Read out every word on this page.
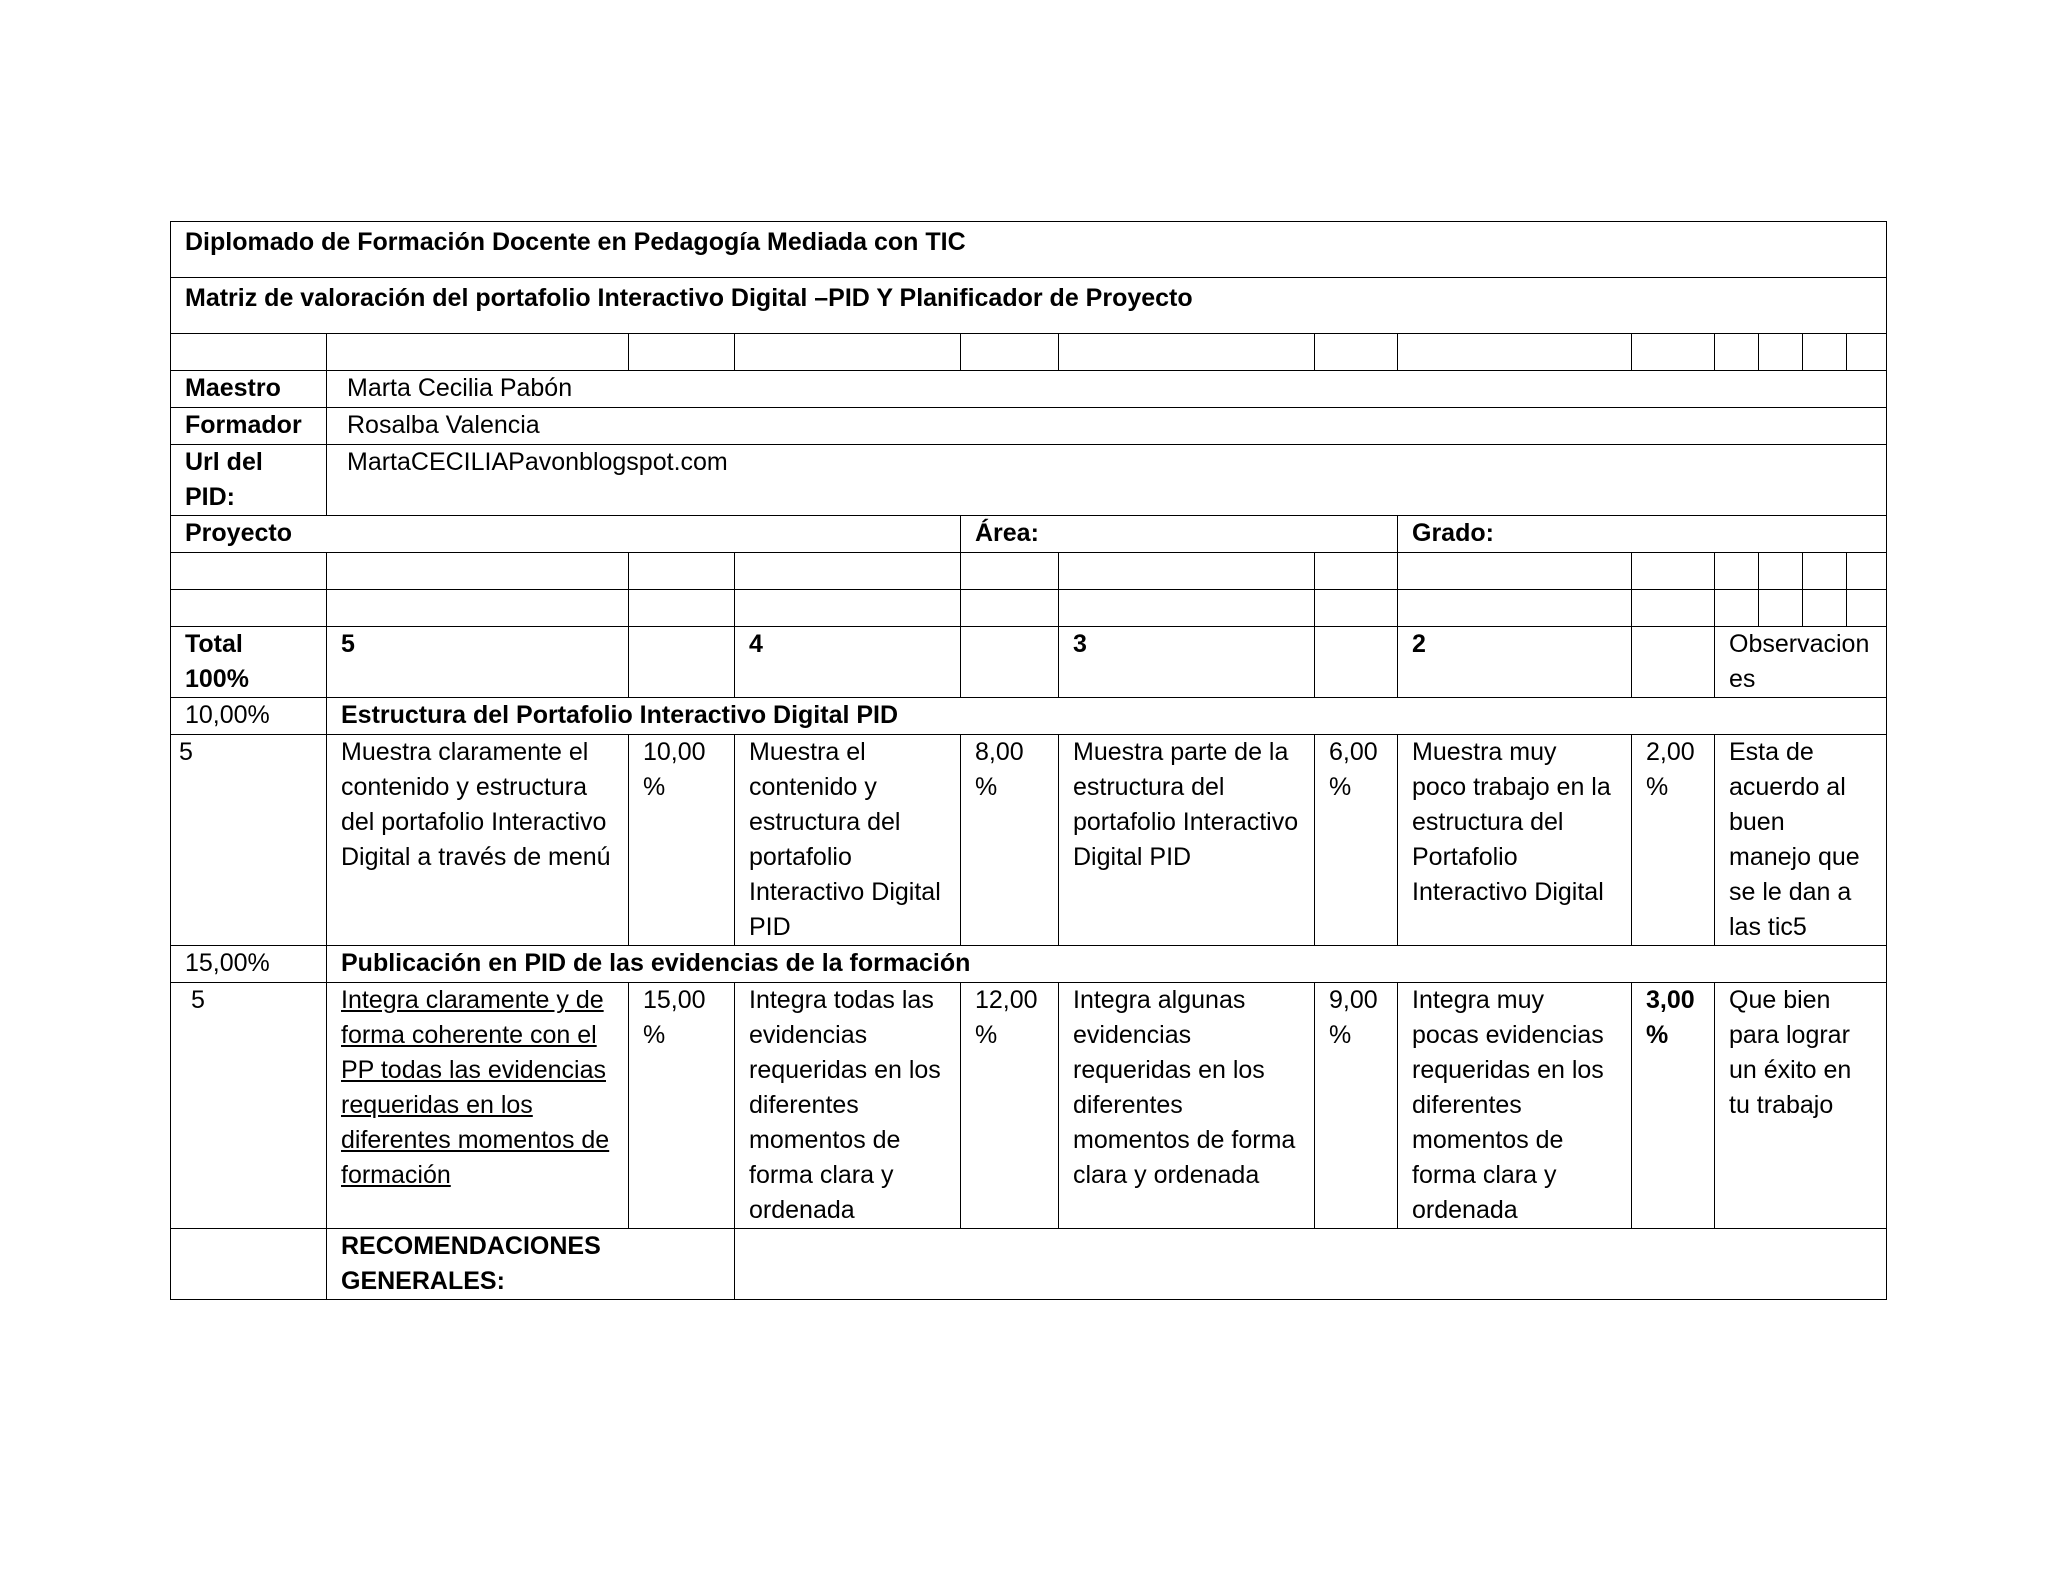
Diplomado de Formación Docente en Pedagogía Mediada con TIC												
Matriz de valoración del portafolio Interactivo Digital –PID Y Planificador de Proyecto												

Maestro	Marta Cecilia Pabón											
Formador	Rosalba Valencia											
Url del PID:	MartaCECILIAPavonblogspot.com											
Proyecto				Área:			Grado:					

Total 100%	5		4		3		2		Observaciones			
10,00%	Estructura del Portafolio Interactivo Digital PID											
5	Muestra claramente el contenido y estructura del portafolio Interactivo Digital a través de menú	10,00 %	Muestra el contenido y estructura del portafolio Interactivo Digital PID	8,00 %	Muestra parte de la estructura del portafolio Interactivo Digital PID	6,00 %	Muestra muy poco trabajo en la estructura del Portafolio Interactivo Digital	2,00 %	Esta de acuerdo al buen manejo que se le dan a las tic5			
15,00%	Publicación en PID de las evidencias de la formación											
5	Integra claramente y de forma coherente con el PP todas las evidencias requeridas en los diferentes momentos de formación	15,00 %	Integra todas las evidencias requeridas en los diferentes momentos de forma clara y ordenada	12,00 %	Integra algunas evidencias requeridas en los diferentes momentos de forma clara y ordenada	9,00 %	Integra muy pocas evidencias requeridas en los diferentes momentos de forma clara y ordenada	3,00 %	Que bien para lograr un éxito en tu trabajo			
	RECOMENDACIONES GENERALES:											
